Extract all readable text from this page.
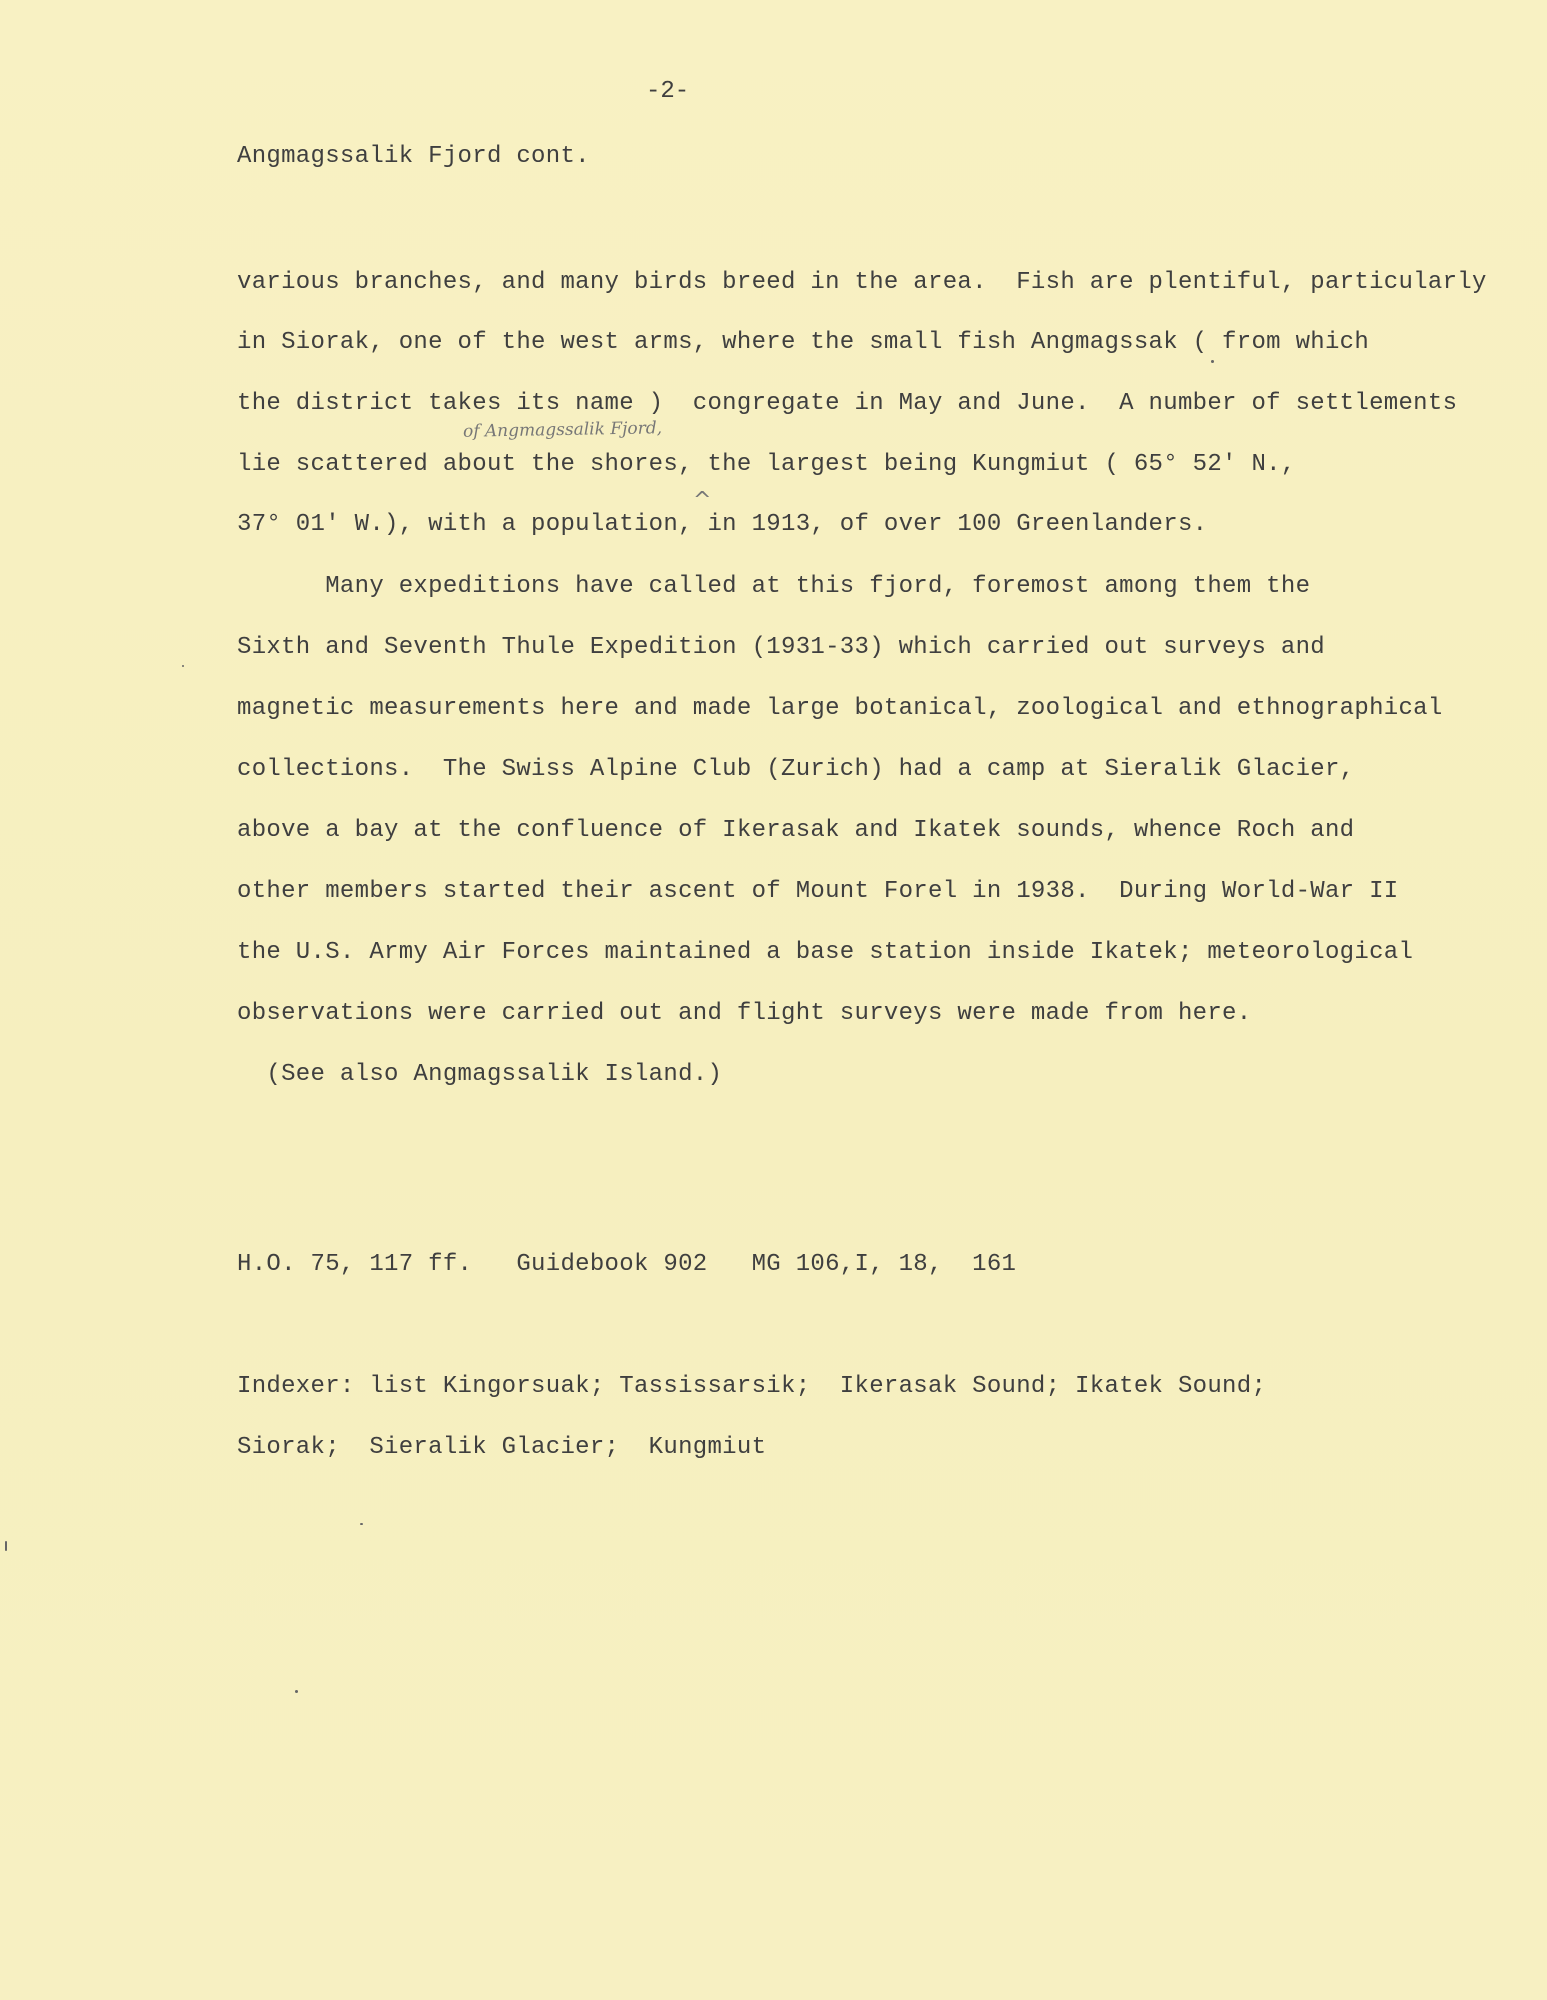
-2-
Angmagssalik Fjord cont.
of Angmagssalik Fjord,
^
various branches, and many birds breed in the area.  Fish are plentiful, particularly
in Siorak, one of the west arms, where the small fish Angmagssak ( from which
the district takes its name )  congregate in May and June.  A number of settlements
lie scattered about the shores, the largest being Kungmiut ( 65° 52' N.,
37° 01' W.), with a population, in 1913, of over 100 Greenlanders.
Many expeditions have called at this fjord, foremost among them the
Sixth and Seventh Thule Expedition (1931-33) which carried out surveys and
magnetic measurements here and made large botanical, zoological and ethnographical
collections.  The Swiss Alpine Club (Zurich) had a camp at Sieralik Glacier,
above a bay at the confluence of Ikerasak and Ikatek sounds, whence Roch and
other members started their ascent of Mount Forel in 1938.  During World-War II
the U.S. Army Air Forces maintained a base station inside Ikatek; meteorological
observations were carried out and flight surveys were made from here.
(See also Angmagssalik Island.)
H.O. 75, 117 ff.   Guidebook 902   MG 106,I, 18,  161
Indexer: list Kingorsuak; Tassissarsik;  Ikerasak Sound; Ikatek Sound;
Siorak;  Sieralik Glacier;  Kungmiut
